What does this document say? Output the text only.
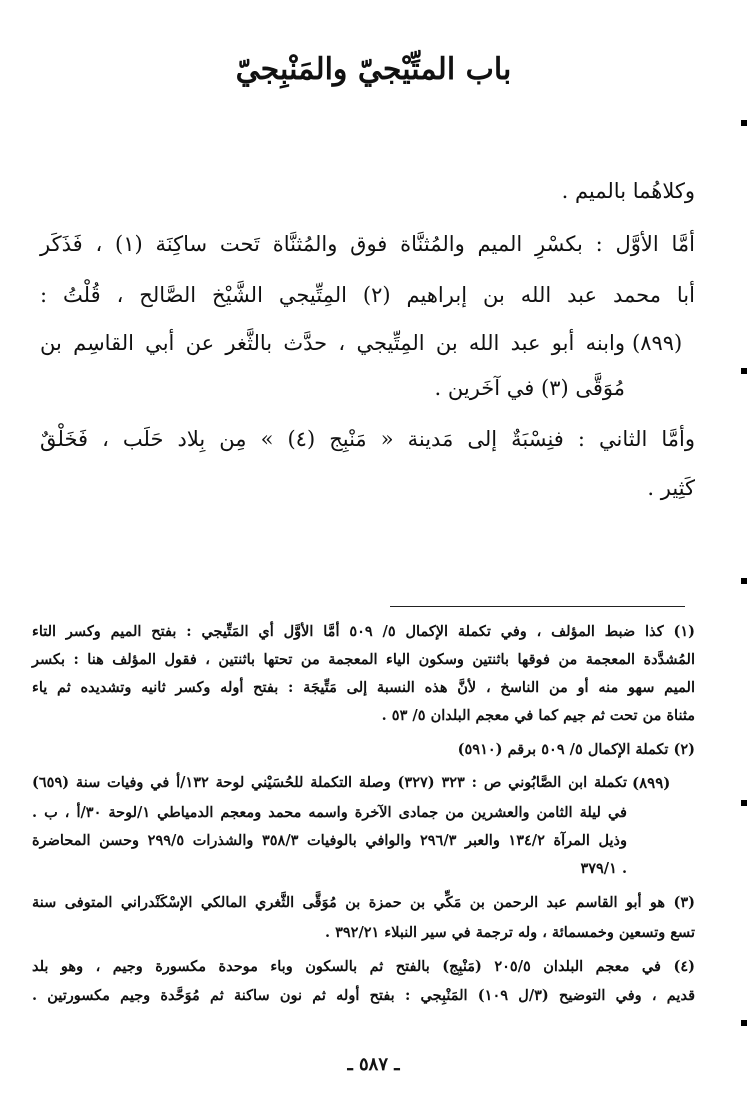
باب المتِّيْجيّ والمَنْبِجيّ
وكلاهُما بالميم .
أمَّا الأوَّل : بكسْرِ الميم والمُثنَّاة فوق والمُثنَّاة تَحت ساكِنَة (١) ، فَذَكَر
أبا محمد عبد الله بن إبراهيم (٢) المِتِّيجي الشَّيْخ الصَّالح ، قُلْتُ :
(٨٩٩)
وابنه أبو عبد الله بن المِتِّيجي ، حدَّث بالثَّغر عن أبي القاسِم بن
مُوَقَّى (٣) في آخَرين .
وأمَّا الثاني : فنِسْبَةٌ إلى مَدينة « مَنْبِج (٤) » مِن بِلاد حَلَب ، فَخَلْقٌ
كَثِير .
(١) كذا ضبط المؤلف ، وفي تكملة الإكمال ٥/ ٥٠٩ أمَّا الأوَّل أي المَتِّيجي : بفتح الميم وكسر التاء
المُشدَّدة المعجمة من فوقها باثنتين وسكون الياء المعجمة من تحتها باثنتين ، فقول المؤلف هنا : بكسر
الميم سهو منه أو من الناسخ ، لأنَّ هذه النسبة إلى مَتِّيجَة : بفتح أوله وكسر ثانيه وتشديده ثم ياء
مثناة من تحت ثم جيم كما في معجم البلدان ٥/ ٥٣ .
(٢) تكملة الإكمال ٥/ ٥٠٩ برقم (٥٩١٠)
(٨٩٩)
تكملة ابن الصَّابُوني ص : ٣٢٣ (٣٢٧) وصلة التكملة للحُسَيْني لوحة ١٣٢/أ في وفيات سنة (٦٥٩)
في ليلة الثامن والعشرين من جمادى الآخرة واسمه محمد ومعجم الدمياطي ١/لوحة ٣٠/أ ، ب .
وذيل المرآة ١٣٤/٢ والعبر ٢٩٦/٣ والوافي بالوفيات ٣٥٨/٣ والشذرات ٢٩٩/٥ وحسن المحاضرة
٣٧٩/١ .
(٣) هو أبو القاسم عبد الرحمن بن مَكِّي بن حمزة بن مُوَقَّى الثَّغري المالكي الإسْكَنْدراني المتوفى سنة
تسع وتسعين وخمسمائة ، وله ترجمة في سير النبلاء ٣٩٢/٢١ .
(٤) في معجم البلدان ٢٠٥/٥ (مَنْبِج) بالفتح ثم بالسكون وباء موحدة مكسورة وجيم ، وهو بلد
قديم ، وفي التوضيح (٣/ل ١٠٩) المَنْبِجي : بفتح أوله ثم نون ساكنة ثم مُوَحَّدة وجيم مكسورتين .
ـ ٥٨٧ ـ
